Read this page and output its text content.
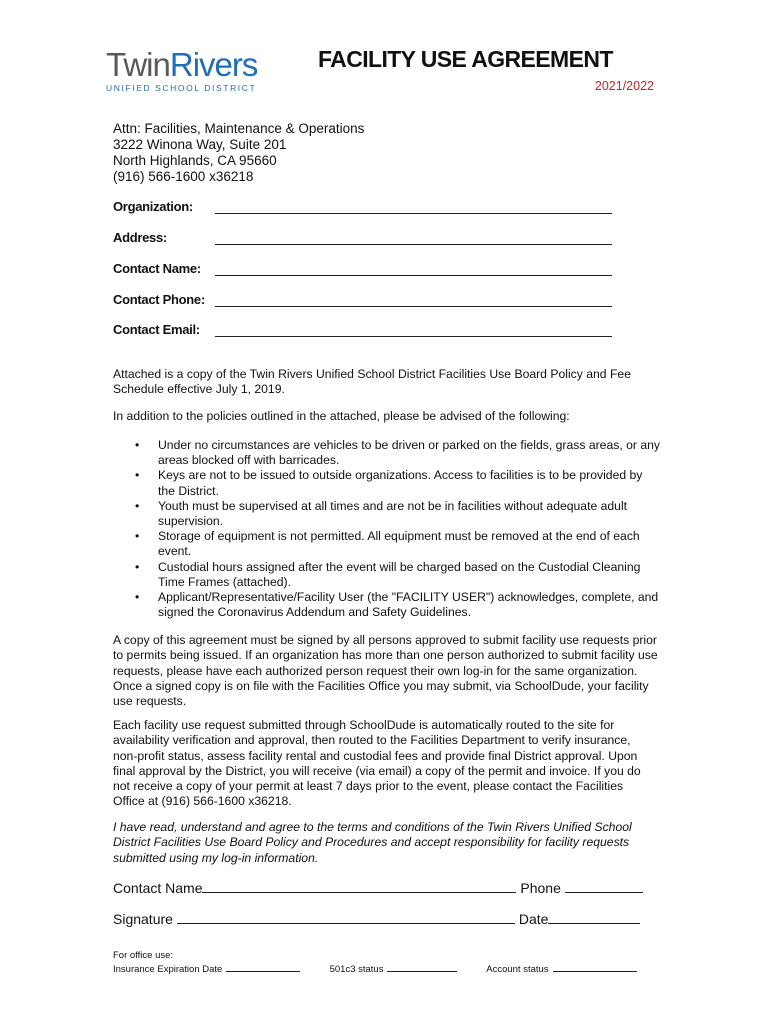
TwinRivers
UNIFIED SCHOOL DISTRICT
FACILITY USE AGREEMENT
2021/2022
Attn: Facilities, Maintenance & Operations
3222 Winona Way, Suite 201
North Highlands, CA 95660
(916) 566-1600 x36218
Organization:
Address:
Contact Name:
Contact Phone:
Contact Email:
Attached is a copy of the Twin Rivers Unified School District Facilities Use Board Policy and Fee Schedule effective July 1, 2019.
In addition to the policies outlined in the attached, please be advised of the following:
• Under no circumstances are vehicles to be driven or parked on the fields, grass areas, or any areas blocked off with barricades.
• Keys are not to be issued to outside organizations. Access to facilities is to be provided by the District.
• Youth must be supervised at all times and are not be in facilities without adequate adult supervision.
• Storage of equipment is not permitted. All equipment must be removed at the end of each event.
• Custodial hours assigned after the event will be charged based on the Custodial Cleaning Time Frames (attached).
• Applicant/Representative/Facility User (the "FACILITY USER") acknowledges, complete, and signed the Coronavirus Addendum and Safety Guidelines.
A copy of this agreement must be signed by all persons approved to submit facility use requests prior to permits being issued. If an organization has more than one person authorized to submit facility use requests, please have each authorized person request their own log-in for the same organization. Once a signed copy is on file with the Facilities Office you may submit, via SchoolDude, your facility use requests.
Each facility use request submitted through SchoolDude is automatically routed to the site for availability verification and approval, then routed to the Facilities Department to verify insurance, non-profit status, assess facility rental and custodial fees and provide final District approval. Upon final approval by the District, you will receive (via email) a copy of the permit and invoice. If you do not receive a copy of your permit at least 7 days prior to the event, please contact the Facilities Office at (916) 566-1600 x36218.
I have read, understand and agree to the terms and conditions of the Twin Rivers Unified School District Facilities Use Board Policy and Procedures and accept responsibility for facility requests submitted using my log-in information.
Contact Name	Phone
Signature	Date
For office use:
Insurance Expiration Date	501c3 status	Account status
